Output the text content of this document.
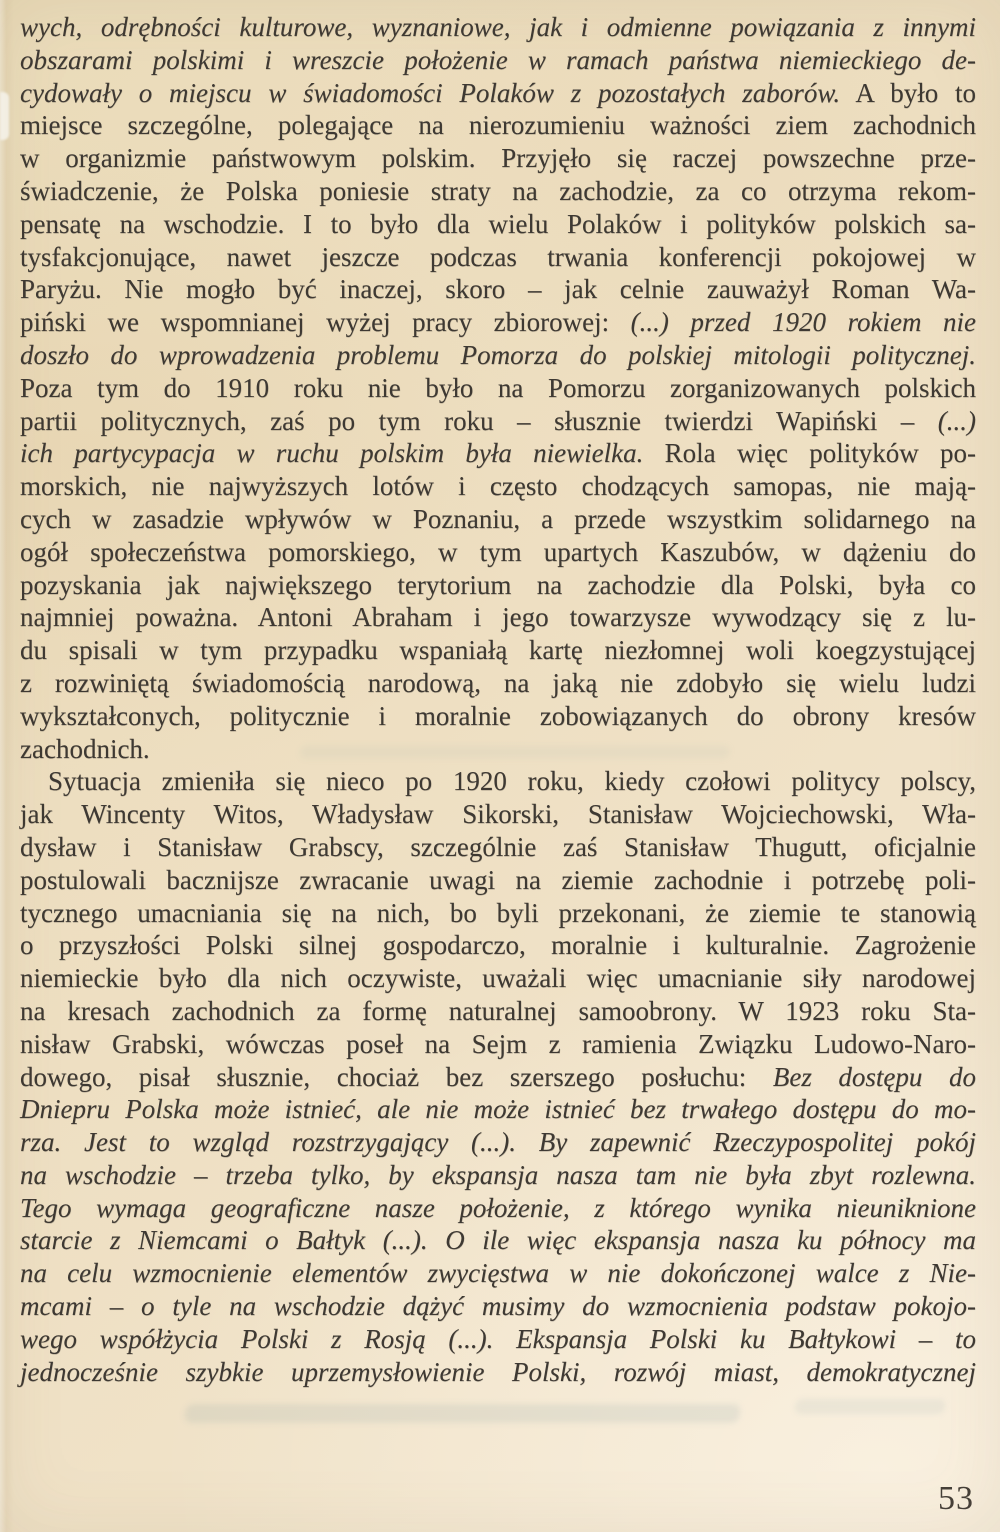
wych, odrębności kulturowe, wyznaniowe, jak i odmienne powiązania z innymi
obszarami polskimi i wreszcie położenie w ramach państwa niemieckiego de-
cydowały o miejscu w świadomości Polaków z pozostałych zaborów. A było to
miejsce szczególne, polegające na nierozumieniu ważności ziem zachodnich
w organizmie państwowym polskim. Przyjęło się raczej powszechne prze-
świadczenie, że Polska poniesie straty na zachodzie, za co otrzyma rekom-
pensatę na wschodzie. I to było dla wielu Polaków i polityków polskich sa-
tysfakcjonujące, nawet jeszcze podczas trwania konferencji pokojowej w
Paryżu. Nie mogło być inaczej, skoro – jak celnie zauważył Roman Wa-
piński we wspomnianej wyżej pracy zbiorowej: (...) przed 1920 rokiem nie
doszło do wprowadzenia problemu Pomorza do polskiej mitologii politycznej.
Poza tym do 1910 roku nie było na Pomorzu zorganizowanych polskich
partii politycznych, zaś po tym roku – słusznie twierdzi Wapiński – (...)
ich partycypacja w ruchu polskim była niewielka. Rola więc polityków po-
morskich, nie najwyższych lotów i często chodzących samopas, nie mają-
cych w zasadzie wpływów w Poznaniu, a przede wszystkim solidarnego na
ogół społeczeństwa pomorskiego, w tym upartych Kaszubów, w dążeniu do
pozyskania jak największego terytorium na zachodzie dla Polski, była co
najmniej poważna. Antoni Abraham i jego towarzysze wywodzący się z lu-
du spisali w tym przypadku wspaniałą kartę niezłomnej woli koegzystującej
z rozwiniętą świadomością narodową, na jaką nie zdobyło się wielu ludzi
wykształconych, politycznie i moralnie zobowiązanych do obrony kresów
zachodnich.
Sytuacja zmieniła się nieco po 1920 roku, kiedy czołowi politycy polscy,
jak Wincenty Witos, Władysław Sikorski, Stanisław Wojciechowski, Wła-
dysław i Stanisław Grabscy, szczególnie zaś Stanisław Thugutt, oficjalnie
postulowali bacznijsze zwracanie uwagi na ziemie zachodnie i potrzebę poli-
tycznego umacniania się na nich, bo byli przekonani, że ziemie te stanowią
o przyszłości Polski silnej gospodarczo, moralnie i kulturalnie. Zagrożenie
niemieckie było dla nich oczywiste, uważali więc umacnianie siły narodowej
na kresach zachodnich za formę naturalnej samoobrony. W 1923 roku Sta-
nisław Grabski, wówczas poseł na Sejm z ramienia Związku Ludowo-Naro-
dowego, pisał słusznie, chociaż bez szerszego posłuchu: Bez dostępu do
Dniepru Polska może istnieć, ale nie może istnieć bez trwałego dostępu do mo-
rza. Jest to wzgląd rozstrzygający (...). By zapewnić Rzeczypospolitej pokój
na wschodzie – trzeba tylko, by ekspansja nasza tam nie była zbyt rozlewna.
Tego wymaga geograficzne nasze położenie, z którego wynika nieuniknione
starcie z Niemcami o Bałtyk (...). O ile więc ekspansja nasza ku północy ma
na celu wzmocnienie elementów zwycięstwa w nie dokończonej walce z Nie-
mcami – o tyle na wschodzie dążyć musimy do wzmocnienia podstaw pokojo-
wego współżycia Polski z Rosją (...). Ekspansja Polski ku Bałtykowi – to
jednocześnie szybkie uprzemysłowienie Polski, rozwój miast, demokratycznej
53
